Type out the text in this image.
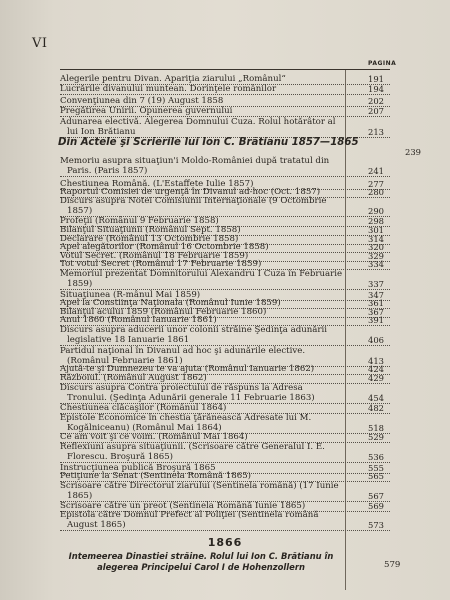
VI
PAGINA
Alegerile pentru Divan. Apariţia ziarului „Românul“	191
Lucrările divanului muntean. Dorinţele românilor	194
Convenţiunea din 7 (19) August 1858	202
Pregătirea Unirii. Opunerea guvernului	207
Adunarea electivă. Alegerea Domnului Cuza. Rolul hotărâtor al lui Ion Brătianu	213
Din Actele şi Scrierile lui Ion C. Brătianu 1857—1865
239
Memoriu asupra situaţiun'i Moldo-României după tratatul din Paris. (Paris 1857)	241
Chestiunea Română. (L'Estaffete Iulie 1857)	277
Raportul Comisiei de urgenţă în Divanul ad-hoc (Oct. 1857)	280
Discurs asupra Notei Comisiunii Internaţionale (9 Octombrie 1857)	290
Profeţii (Românul 9 Februarie 1858)	298
Bilanţul Situaţiunii (Românul Sept. 1858)	301
Declarare (Românul 13 Octombrie 1858)	314
Apel alegătorilor (Românul 16 Octombrie 1858)	320
Votul Secret. (Românul 18 Februarie 1859)	329
Tot votul Secret (Românul 17 Februarie 1859)	334
Memoriul prezentat Domnitorului Alexandru I Cuza în Februarie 1859)	337
Situaţiunea (R-mânul Mai 1859)	347
Apel la Constiinţa Naţionala (Românul Iunie 1859)	361
Bilanţul acului 1859 (Românul Februarie 1860)	367
Anul 1860 (Românul Ianuarie 1861)	391
Discurs asupra aducerii unor colonii străine Şedinţa adunării legislative 18 Ianuarie 1861	406
Partidul naţional în Divanul ad hoc şi adunările elective. (Românul Februarie 1861)	413
Ajută-te şi Dumnezeu te va ajuta (Românul Ianuarie 1862)	424
Războiul. (Românul August 1862)	429
Discurs asupra Contra proiectului de răspuns la Adresa Tronului. (Şedinţa Adunării generale 11 Februarie 1863)	454
Chestiunea clăcaşilor (Românul 1864)	482
Epistole Economice în chestia ţărănească Adresate lui M. Kogălniceanu) (Românul Mai 1864)	518
Ce am voit şi ce voim. (Românul Mai 1864)	529
Reflexiuni asupra situaţiunii. (Scrisoare către Generalul I. E. Florescu. Broşură 1865)	536
Instrucţiunea publică Broşură 1865	555
Petiţiune la Senat (Sentinela Română 1865)	565
Scrisoare către Directorul ziarului (Sentinela română) (17 Iunie 1865)	567
Scrisoare către un preot (Sentinela Română Iunie 1865)	569
Epistola către Domnul Prefect al Poliţiei (Sentinela română August 1865)	573
1866
Intemeerea Dinastiei străine. Rolul lui Ion C. Brătianu în alegerea Principelui Carol I de Hohenzollern	579
